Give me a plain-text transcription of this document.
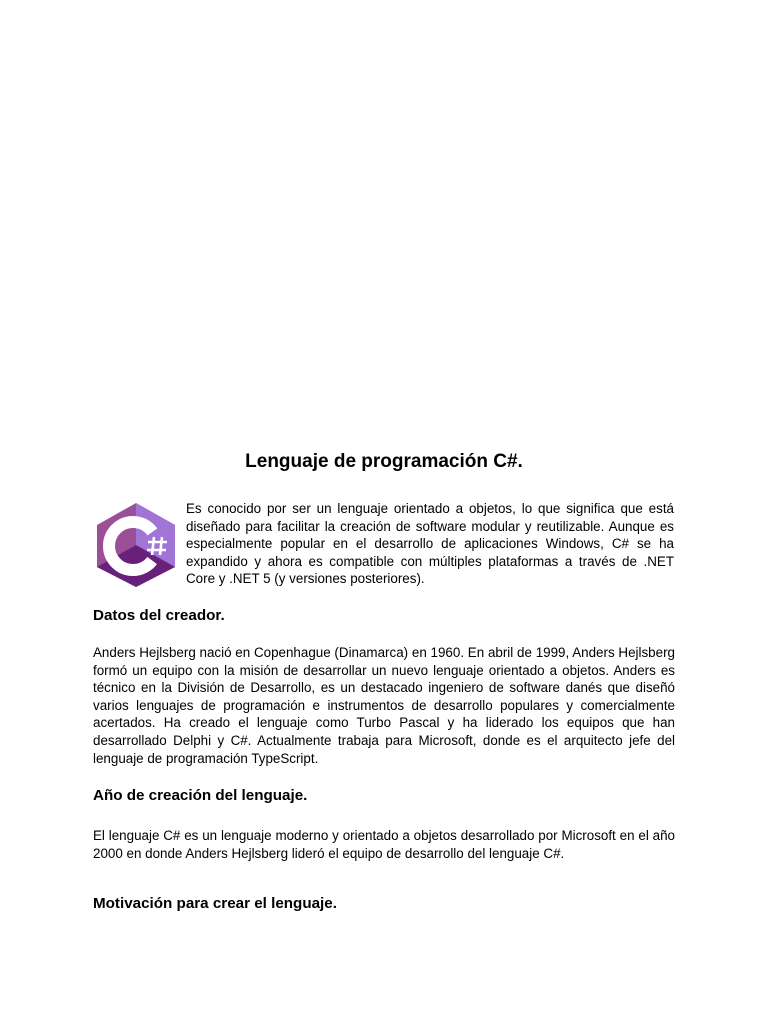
Lenguaje de programación C#.

Es conocido por ser un lenguaje orientado a objetos, lo que significa que está diseñado para facilitar la creación de software modular y reutilizable. Aunque es especialmente popular en el desarrollo de aplicaciones Windows, C# se ha expandido y ahora es compatible con múltiples plataformas a través de .NET Core y .NET 5 (y versiones posteriores).

Datos del creador.

Anders Hejlsberg nació en Copenhague (Dinamarca) en 1960. En abril de 1999, Anders Hejlsberg formó un equipo con la misión de desarrollar un nuevo lenguaje orientado a objetos. Anders es técnico en la División de Desarrollo, es un destacado ingeniero de software danés que diseñó varios lenguajes de programación e instrumentos de desarrollo populares y comercialmente acertados. Ha creado el lenguaje como Turbo Pascal y ha liderado los equipos que han desarrollado Delphi y C#. Actualmente trabaja para Microsoft, donde es el arquitecto jefe del lenguaje de programación TypeScript.

Año de creación del lenguaje.

El lenguaje C# es un lenguaje moderno y orientado a objetos desarrollado por Microsoft en el año 2000 en donde Anders Hejlsberg lideró el equipo de desarrollo del lenguaje C#.

Motivación para crear el lenguaje.
